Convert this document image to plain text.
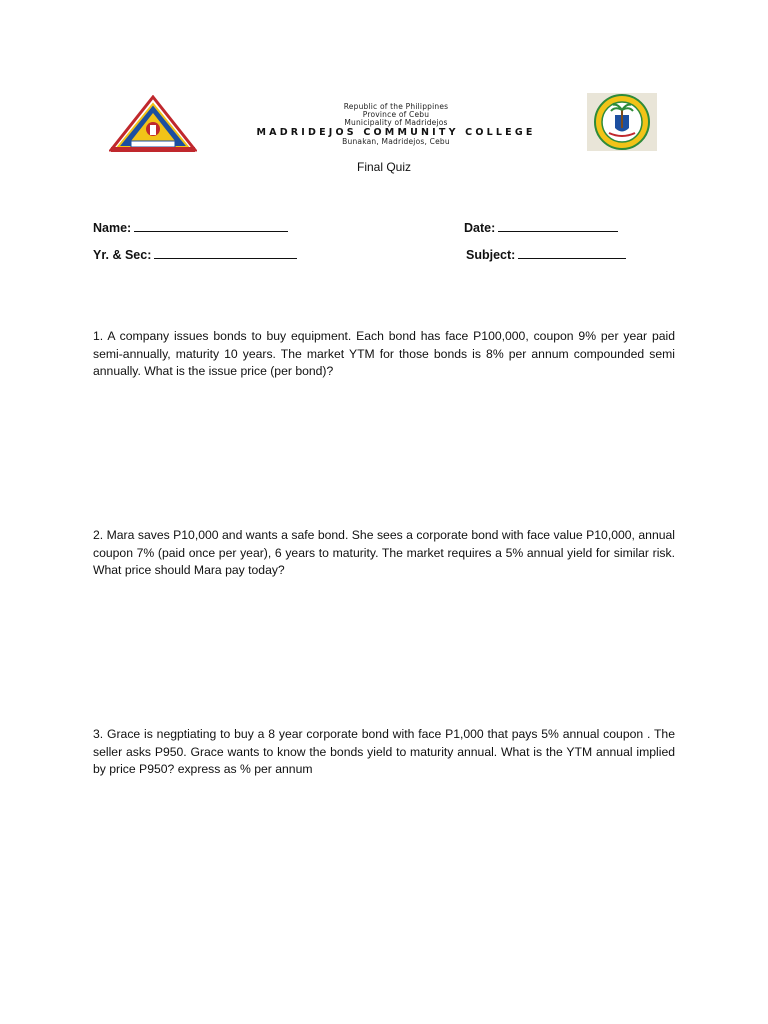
Republic of the Philippines
Province of Cebu
Municipality of Madridejos
MADRIDEJOS COMMUNITY COLLEGE
Bunakan, Madridejos, Cebu
Final Quiz
Name:	Date:
Yr. & Sec:	Subject:

1. A company issues bonds to buy equipment. Each bond has face P100,000, coupon 9% per year paid semi-annually, maturity 10 years. The market YTM for those bonds is 8% per annum compounded semi annually. What is the issue price (per bond)?

2. Mara saves P10,000 and wants a safe bond. She sees a corporate bond with face value P10,000, annual coupon 7% (paid once per year), 6 years to maturity. The market requires a 5% annual yield for similar risk. What price should Mara pay today?

3. Grace is negptiating to buy a 8 year corporate bond with face P1,000 that pays 5% annual coupon . The seller asks P950. Grace wants to know the bonds yield to maturity annual. What is the YTM annual implied by price P950? express as % per annum
